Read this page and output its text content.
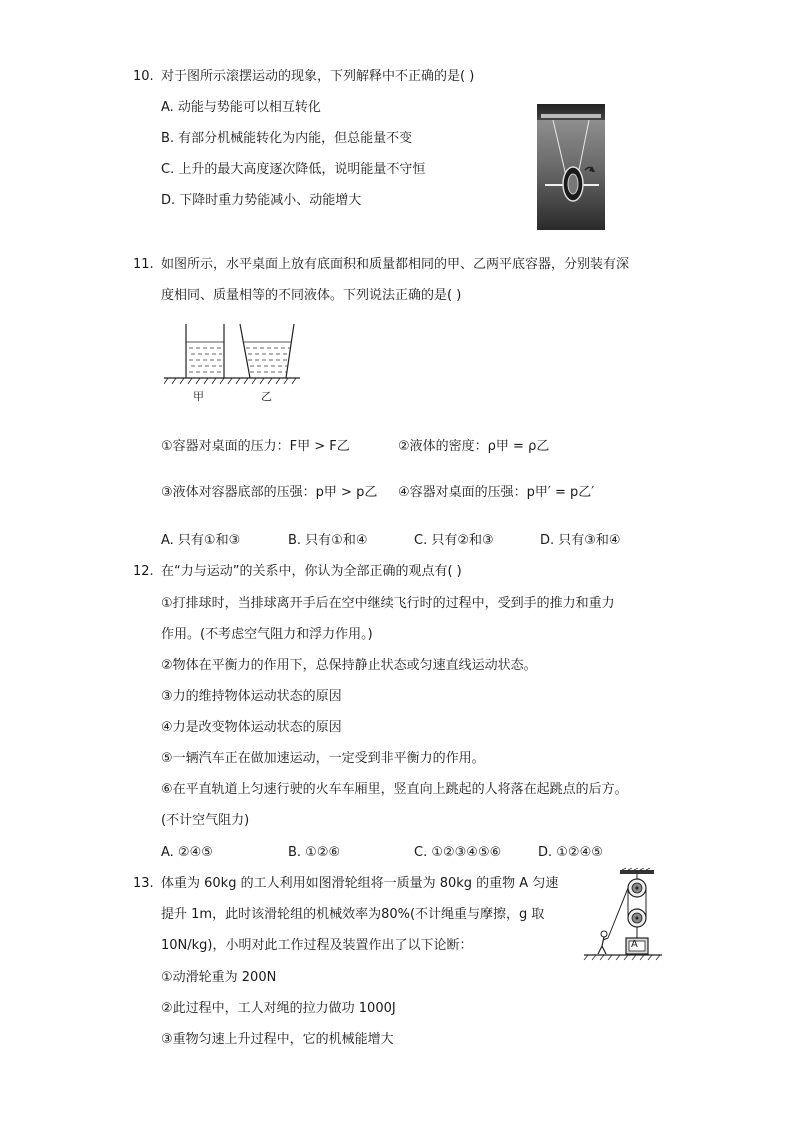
10. 对于图所示滚摆运动的现象，下列解释中不正确的是( )
A. 动能与势能可以相互转化
B. 有部分机械能转化为内能，但总能量不变
C. 上升的最大高度逐次降低，说明能量不守恒
D. 下降时重力势能减小、动能增大
11. 如图所示，水平桌面上放有底面积和质量都相同的甲、乙两平底容器，分别装有深
度相同、质量相等的不同液体。下列说法正确的是( )
甲	乙
①容器对桌面的压力：F甲 > F乙	②液体的密度：ρ甲 = ρ乙
③液体对容器底部的压强：p甲 > p乙 ④容器对桌面的压强：p甲′ = p乙′
A. 只有①和③	B. 只有①和④	C. 只有②和③	D. 只有③和④
12. 在“力与运动”的关系中，你认为全部正确的观点有( )
①打排球时，当排球离开手后在空中继续飞行时的过程中，受到手的推力和重力
作用。(不考虑空气阻力和浮力作用。)
②物体在平衡力的作用下，总保持静止状态或匀速直线运动状态。
③力的维持物体运动状态的原因
④力是改变物体运动状态的原因
⑤一辆汽车正在做加速运动，一定受到非平衡力的作用。
⑥在平直轨道上匀速行驶的火车车厢里，竖直向上跳起的人将落在起跳点的后方。
(不计空气阻力)
A. ②④⑤	B. ①②⑥	C. ①②③④⑤⑥	D. ①②④⑤
13. 体重为 60kg 的工人利用如图滑轮组将一质量为 80kg 的重物 A 匀速
提升 1m，此时该滑轮组的机械效率为80%(不计绳重与摩擦，g 取
10N/kg)，小明对此工作过程及装置作出了以下论断：
①动滑轮重为 200N
②此过程中，工人对绳的拉力做功 1000J
③重物匀速上升过程中，它的机械能增大
A
